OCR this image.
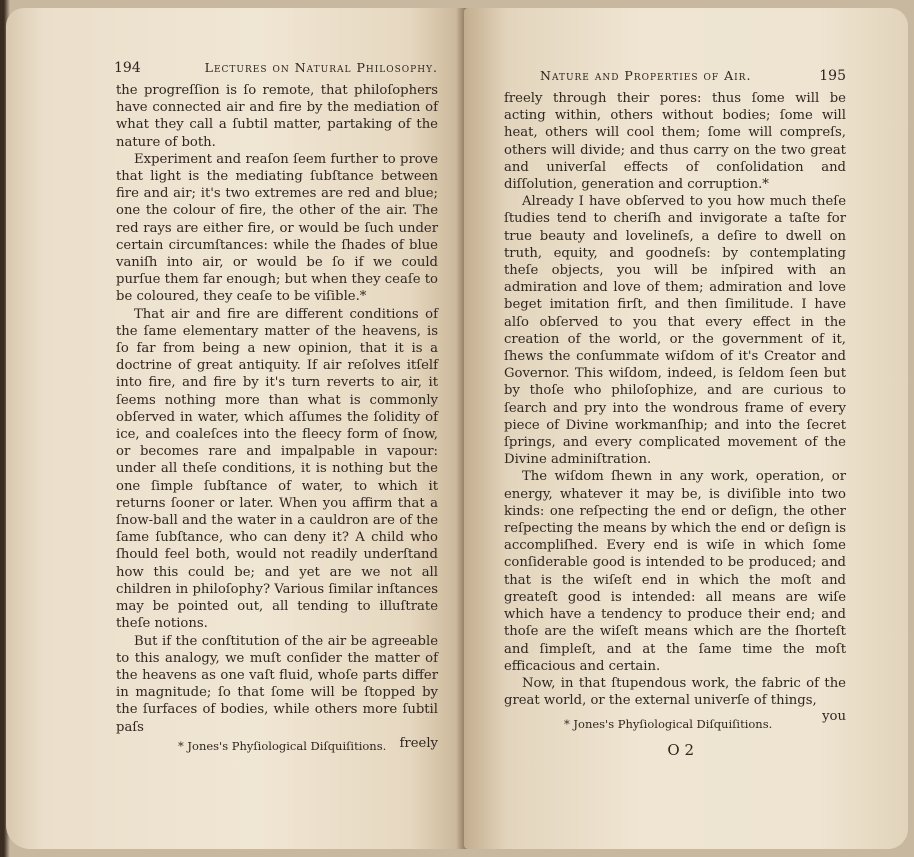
194	Lectures on Natural Philosophy.

the progreſſion is ſo remote, that philoſophers have connected air and fire by the mediation of what they call a ſubtil matter, partaking of the nature of both.

Experiment and reaſon ſeem further to prove that light is the mediating ſubſtance between fire and air; it's two extremes are red and blue; one the colour of fire, the other of the air. The red rays are either fire, or would be ſuch under certain circumſtances: while the ſhades of blue vaniſh into air, or would be ſo if we could purſue them far enough; but when they ceaſe to be coloured, they ceaſe to be viſible.*

That air and fire are different conditions of the ſame elementary matter of the heavens, is ſo far from being a new opinion, that it is a doctrine of great antiquity. If air reſolves itſelf into fire, and fire by it's turn reverts to air, it ſeems nothing more than what is commonly obſerved in water, which aſſumes the ſolidity of ice, and coaleſces into the fleecy form of ſnow, or becomes rare and impalpable in vapour: under all theſe conditions, it is nothing but the one ſimple ſubſtance of water, to which it returns ſooner or later. When you affirm that a ſnow-ball and the water in a cauldron are of the ſame ſubſtance, who can deny it? A child who ſhould feel both, would not readily underſtand how this could be; and yet are we not all children in philoſophy? Various ſimilar inſtances may be pointed out, all tending to illuſtrate theſe notions.

But if the conſtitution of the air be agreeable to this analogy, we muſt conſider the matter of the heavens as one vaſt fluid, whoſe parts differ in magnitude; ſo that ſome will be ſtopped by the ſurfaces of bodies, while others more ſubtil paſs

freely
* Jones's Phyſiological Diſquiſitions.
Nature and Properties of Air.	195

freely through their pores: thus ſome will be acting within, others without bodies; ſome will heat, others will cool them; ſome will compreſs, others will divide; and thus carry on the two great and univerſal effects of conſolidation and diſſolution, generation and corruption.*

Already I have obſerved to you how much theſe ſtudies tend to cheriſh and invigorate a taſte for true beauty and lovelineſs, a deſire to dwell on truth, equity, and goodneſs: by contemplating theſe objects, you will be inſpired with an admiration and love of them; admiration and love beget imitation firſt, and then ſimilitude. I have alſo obſerved to you that every effect in the creation of the world, or the government of it, ſhews the conſummate wiſdom of it's Creator and Governor. This wiſdom, indeed, is ſeldom ſeen but by thoſe who philoſophize, and are curious to ſearch and pry into the wondrous frame of every piece of Divine workmanſhip; and into the ſecret ſprings, and every complicated movement of the Divine adminiſtration.

The wiſdom ſhewn in any work, operation, or energy, whatever it may be, is diviſible into two kinds: one reſpecting the end or deſign, the other reſpecting the means by which the end or deſign is accompliſhed. Every end is wiſe in which ſome conſiderable good is intended to be produced; and that is the wiſeſt end in which the moſt and greateſt good is intended: all means are wiſe which have a tendency to produce their end; and thoſe are the wiſeſt means which are the ſhorteſt and ſimpleſt, and at the ſame time the moſt efficacious and certain.

Now, in that ſtupendous work, the fabric of the great world, or the external univerſe of things,

you
* Jones's Phyſiological Diſquiſitions.
O 2
